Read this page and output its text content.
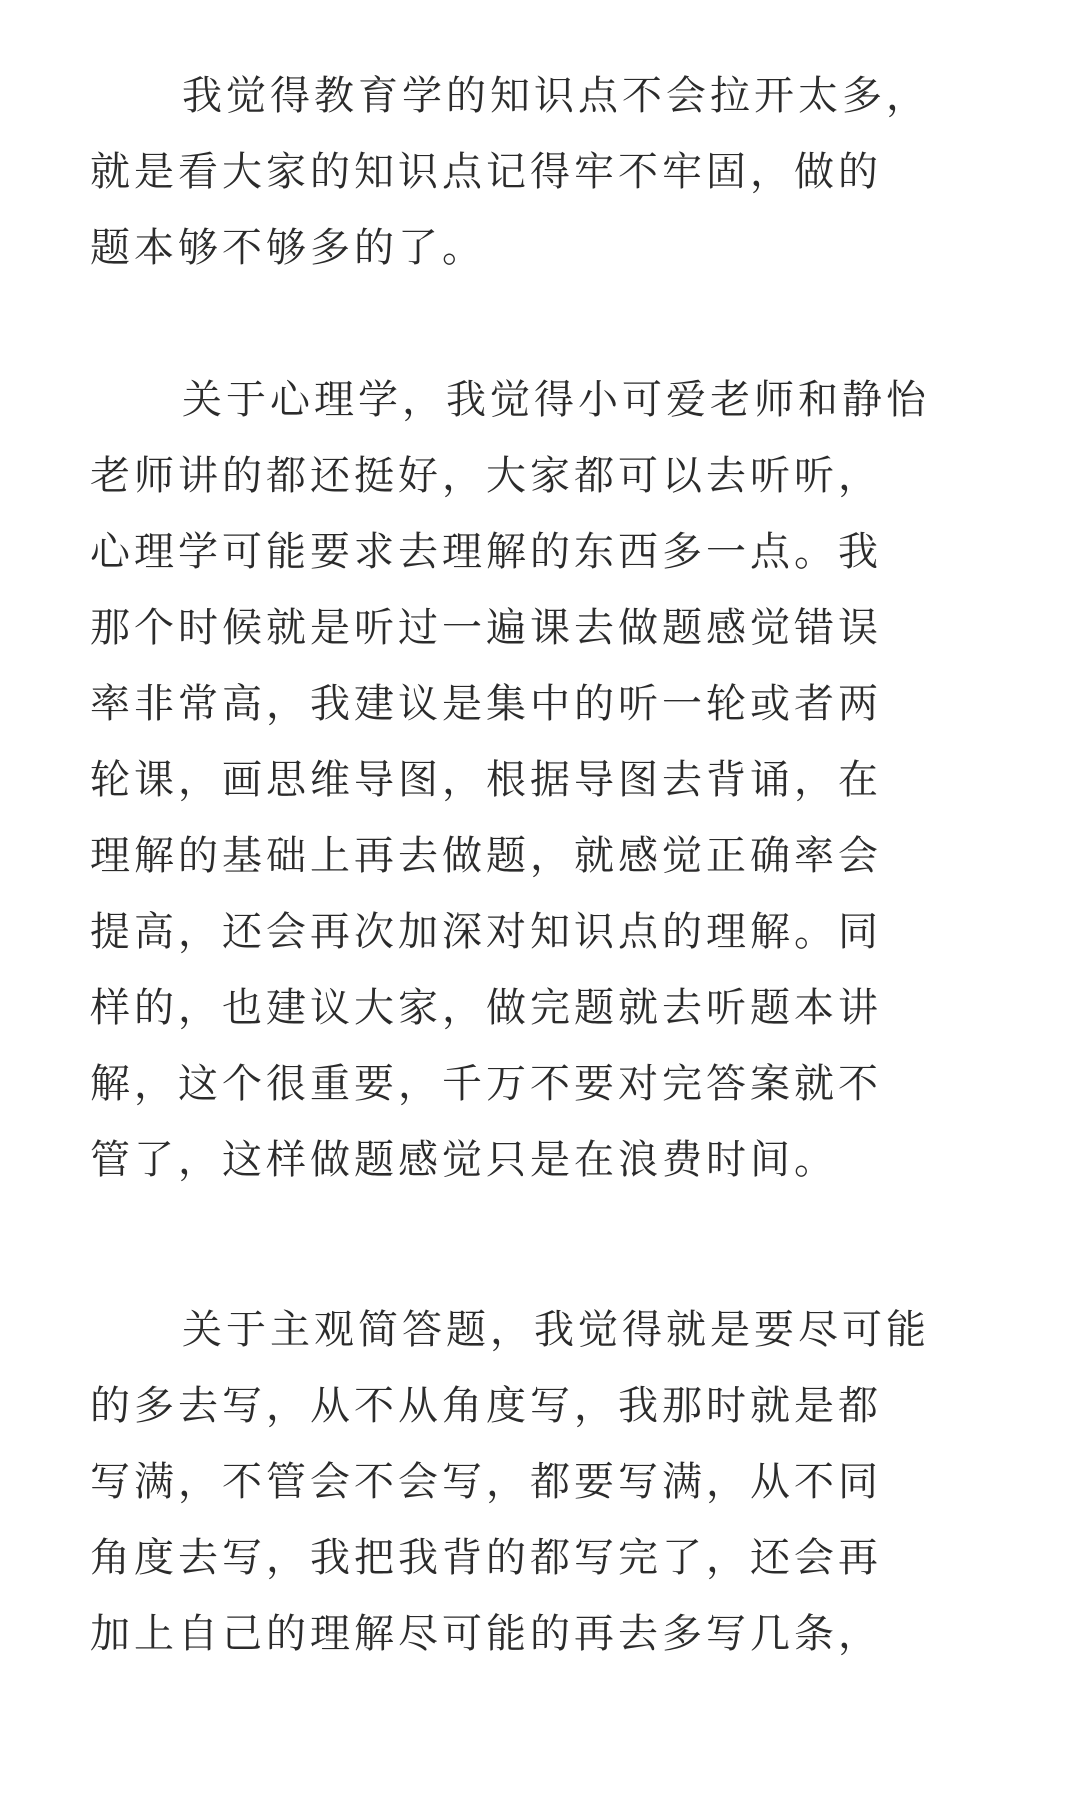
我觉得教育学的知识点不会拉开太多，
就是看大家的知识点记得牢不牢固，做的
题本够不够多的了。
关于心理学，我觉得小可爱老师和静怡
老师讲的都还挺好，大家都可以去听听，
心理学可能要求去理解的东西多一点。我
那个时候就是听过一遍课去做题感觉错误
率非常高，我建议是集中的听一轮或者两
轮课，画思维导图，根据导图去背诵，在
理解的基础上再去做题，就感觉正确率会
提高，还会再次加深对知识点的理解。同
样的，也建议大家，做完题就去听题本讲
解，这个很重要，千万不要对完答案就不
管了，这样做题感觉只是在浪费时间。
关于主观简答题，我觉得就是要尽可能
的多去写，从不从角度写，我那时就是都
写满，不管会不会写，都要写满，从不同
角度去写，我把我背的都写完了，还会再
加上自己的理解尽可能的再去多写几条，
